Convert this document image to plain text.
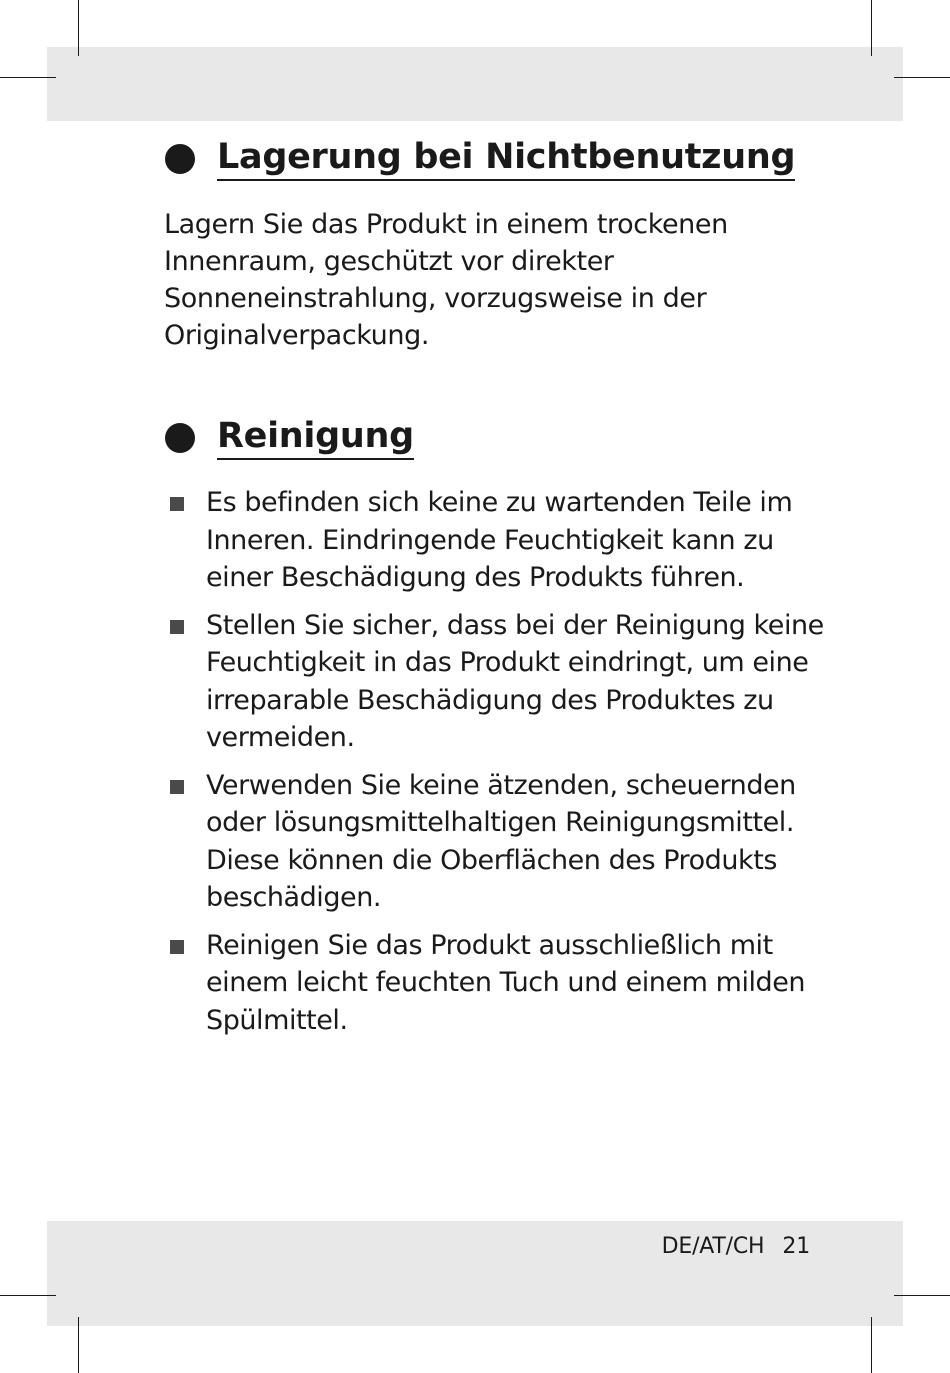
Lagerung bei Nichtbenutzung

Lagern Sie das Produkt in einem trockenen Innenraum, geschützt vor direkter Sonneneinstrahlung, vorzugsweise in der Originalverpackung.

Reinigung
Es befinden sich keine zu wartenden Teile im Inneren. Eindringende Feuchtigkeit kann zu einer Beschädigung des Produkts führen.
Stellen Sie sicher, dass bei der Reinigung keine Feuchtigkeit in das Produkt eindringt, um eine irreparable Beschädigung des Produktes zu vermeiden.
Verwenden Sie keine ätzenden, scheuernden oder lösungsmittelhaltigen Reinigungsmittel. Diese können die Oberflächen des Produkts beschädigen.
Reinigen Sie das Produkt ausschließlich mit einem leicht feuchten Tuch und einem milden Spülmittel.
DE/AT/CH 21
